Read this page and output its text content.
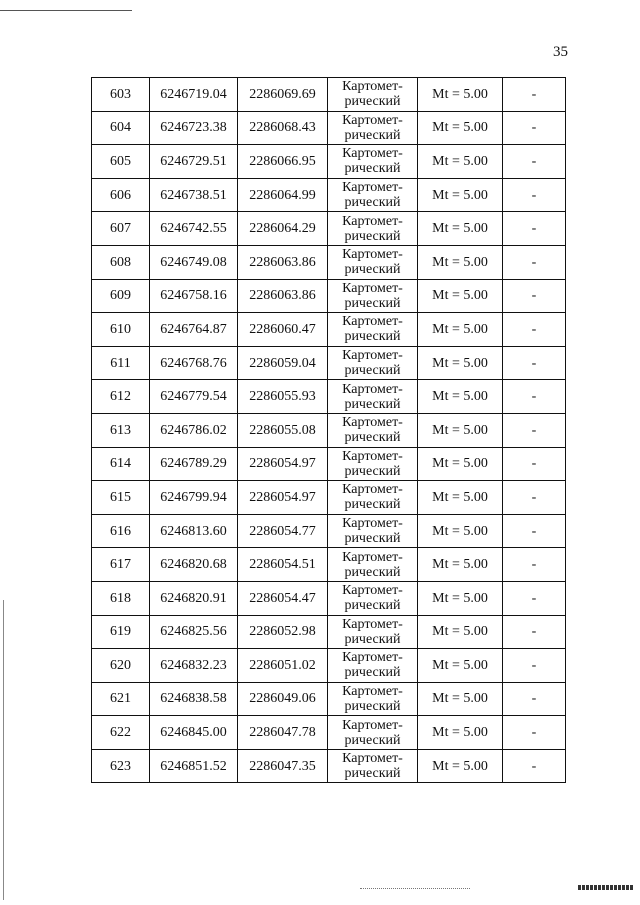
35
603	6246719.04	2286069.69	Картомет-
рический	Mt = 5.00	-
604	6246723.38	2286068.43	Картомет-
рический	Mt = 5.00	-
605	6246729.51	2286066.95	Картомет-
рический	Mt = 5.00	-
606	6246738.51	2286064.99	Картомет-
рический	Mt = 5.00	-
607	6246742.55	2286064.29	Картомет-
рический	Mt = 5.00	-
608	6246749.08	2286063.86	Картомет-
рический	Mt = 5.00	-
609	6246758.16	2286063.86	Картомет-
рический	Mt = 5.00	-
610	6246764.87	2286060.47	Картомет-
рический	Mt = 5.00	-
611	6246768.76	2286059.04	Картомет-
рический	Mt = 5.00	-
612	6246779.54	2286055.93	Картомет-
рический	Mt = 5.00	-
613	6246786.02	2286055.08	Картомет-
рический	Mt = 5.00	-
614	6246789.29	2286054.97	Картомет-
рический	Mt = 5.00	-
615	6246799.94	2286054.97	Картомет-
рический	Mt = 5.00	-
616	6246813.60	2286054.77	Картомет-
рический	Mt = 5.00	-
617	6246820.68	2286054.51	Картомет-
рический	Mt = 5.00	-
618	6246820.91	2286054.47	Картомет-
рический	Mt = 5.00	-
619	6246825.56	2286052.98	Картомет-
рический	Mt = 5.00	-
620	6246832.23	2286051.02	Картомет-
рический	Mt = 5.00	-
621	6246838.58	2286049.06	Картомет-
рический	Mt = 5.00	-
622	6246845.00	2286047.78	Картомет-
рический	Mt = 5.00	-
623	6246851.52	2286047.35	Картомет-
рический	Mt = 5.00	-
